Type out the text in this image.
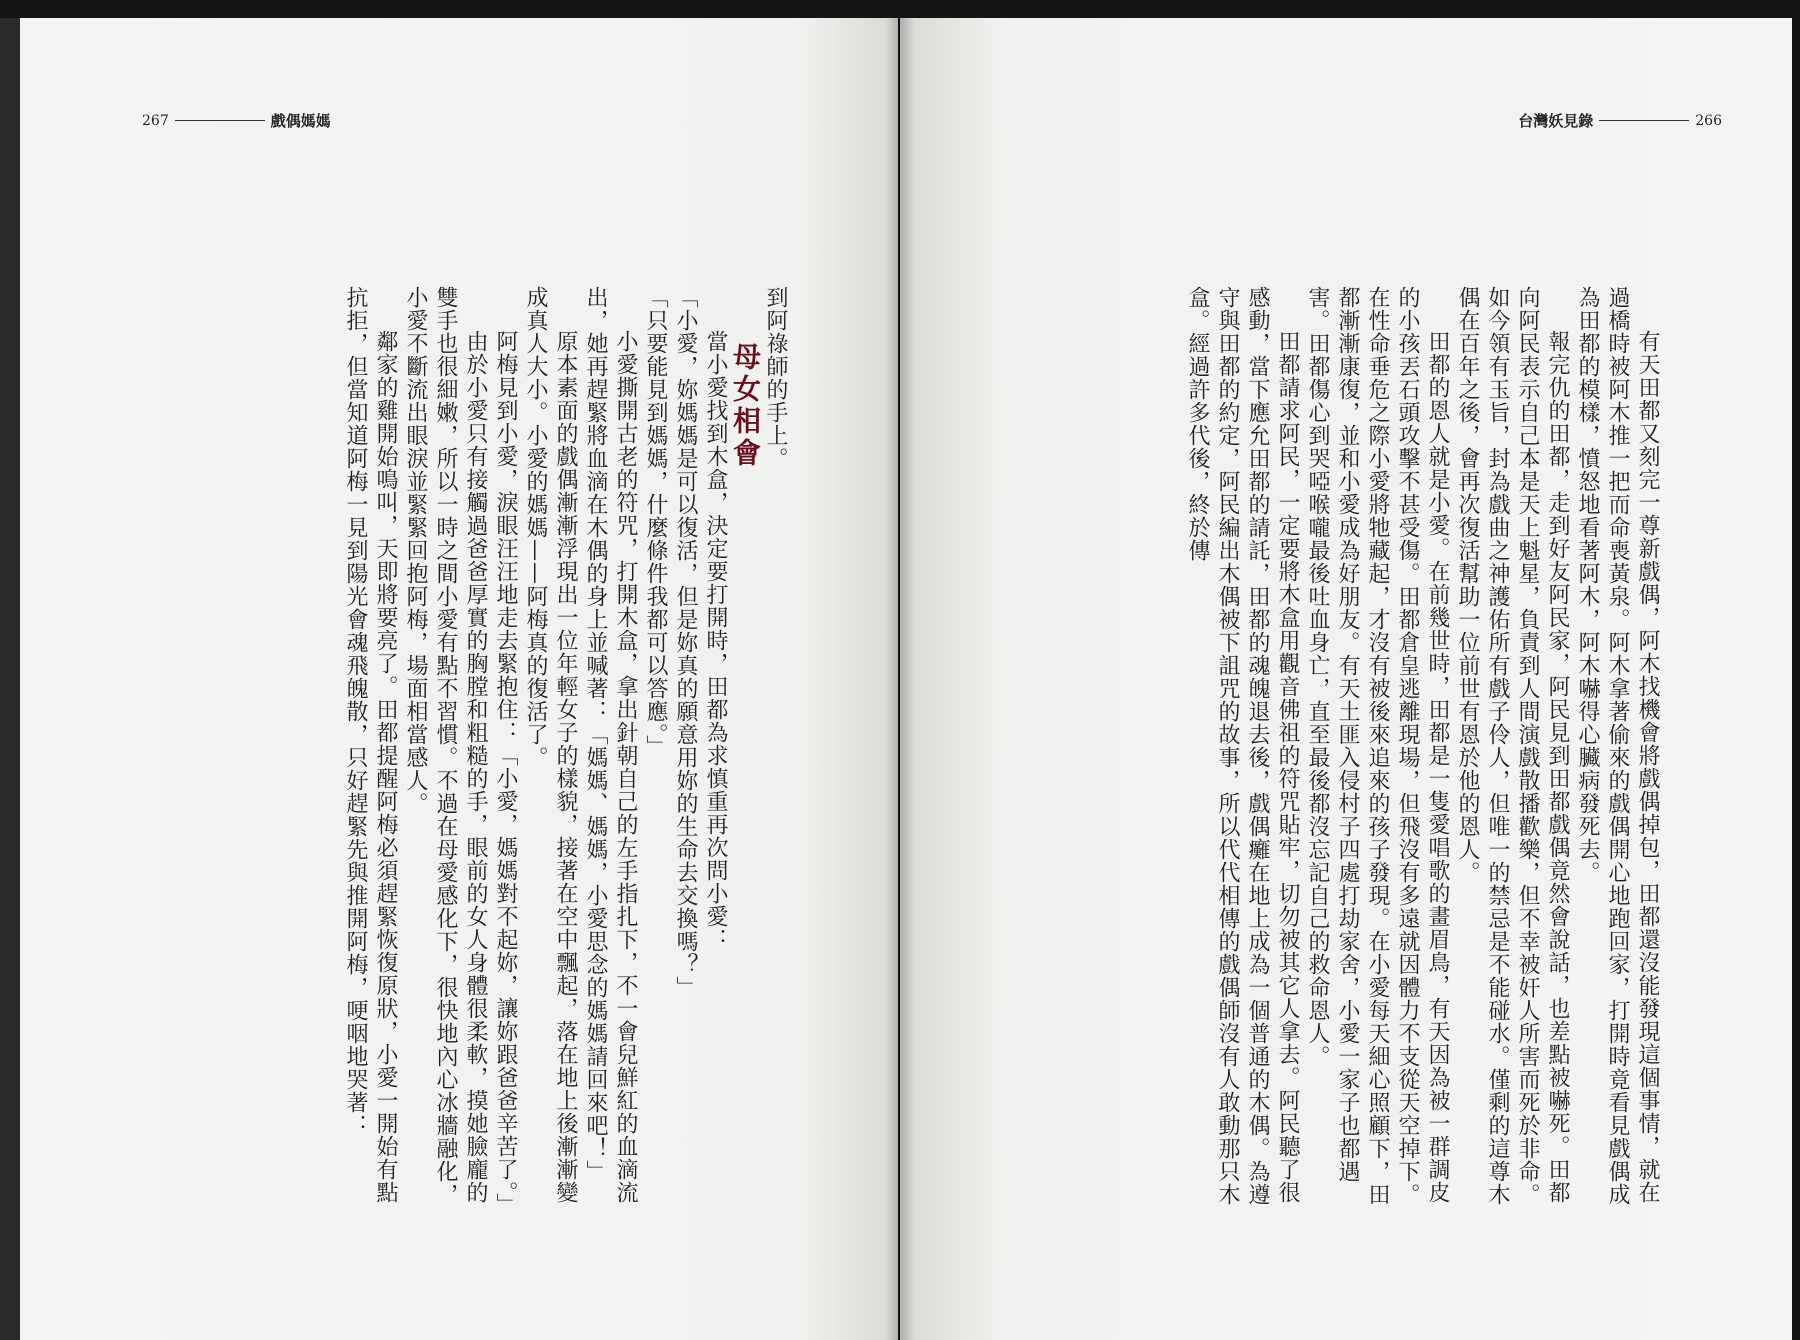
267	戲偶媽媽

到阿祿師的手上。

母女相會

當小愛找到木盒，決定要打開時，田都為求慎重再次問小愛：

「小愛，妳媽媽是可以復活，但是妳真的願意用妳的生命去交換嗎？」

「只要能見到媽媽，什麼條件我都可以答應。」

小愛撕開古老的符咒，打開木盒，拿出針朝自己的左手指扎下，不一會兒鮮紅的血滴流出，她再趕緊將血滴在木偶的身上並喊著：「媽媽、媽媽，小愛思念的媽媽請回來吧！」

原本素面的戲偶漸漸浮現出一位年輕女子的樣貌，接著在空中飄起，落在地上後漸漸變成真人大小。小愛的媽媽——阿梅真的復活了。

阿梅見到小愛，淚眼汪汪地走去緊抱住：「小愛，媽媽對不起妳，讓妳跟爸爸辛苦了。」

由於小愛只有接觸過爸爸厚實的胸膛和粗糙的手，眼前的女人身體很柔軟，摸她臉龐的雙手也很細嫩，所以一時之間小愛有點不習慣。不過在母愛感化下，很快地內心冰牆融化，小愛不斷流出眼淚並緊緊回抱阿梅，場面相當感人。

鄰家的雞開始鳴叫，天即將要亮了。田都提醒阿梅必須趕緊恢復原狀，小愛一開始有點抗拒，但當知道阿梅一見到陽光會魂飛魄散，只好趕緊先與推開阿梅，哽咽地哭著：

台灣妖見錄	266

有天田都又刻完一尊新戲偶，阿木找機會將戲偶掉包，田都還沒能發現這個事情，就在過橋時被阿木推一把而命喪黃泉。阿木拿著偷來的戲偶開心地跑回家，打開時竟看見戲偶成為田都的模樣，憤怒地看著阿木，阿木嚇得心臟病發死去。

報完仇的田都，走到好友阿民家，阿民見到田都戲偶竟然會說話，也差點被嚇死。田都向阿民表示自己本是天上魁星，負責到人間演戲散播歡樂，但不幸被奸人所害而死於非命。如今領有玉旨，封為戲曲之神護佑所有戲子伶人，但唯一的禁忌是不能碰水。僅剩的這尊木偶在百年之後，會再次復活幫助一位前世有恩於他的恩人。

田都的恩人就是小愛。在前幾世時，田都是一隻愛唱歌的畫眉鳥，有天因為被一群調皮的小孩丟石頭攻擊不甚受傷。田都倉皇逃離現場，但飛沒有多遠就因體力不支從天空掉下。在性命垂危之際小愛將牠藏起，才沒有被後來追來的孩子發現。在小愛每天細心照顧下，田都漸漸康復，並和小愛成為好朋友。有天土匪入侵村子四處打劫家舍，小愛一家子也都遇害。田都傷心到哭啞喉嚨最後吐血身亡，直至最後都沒忘記自己的救命恩人。

田都請求阿民，一定要將木盒用觀音佛祖的符咒貼牢，切勿被其它人拿去。阿民聽了很感動，當下應允田都的請託，田都的魂魄退去後，戲偶癱在地上成為一個普通的木偶。為遵守與田都的約定，阿民編出木偶被下詛咒的故事，所以代代相傳的戲偶師沒有人敢動那只木盒。經過許多代後，終於傳
